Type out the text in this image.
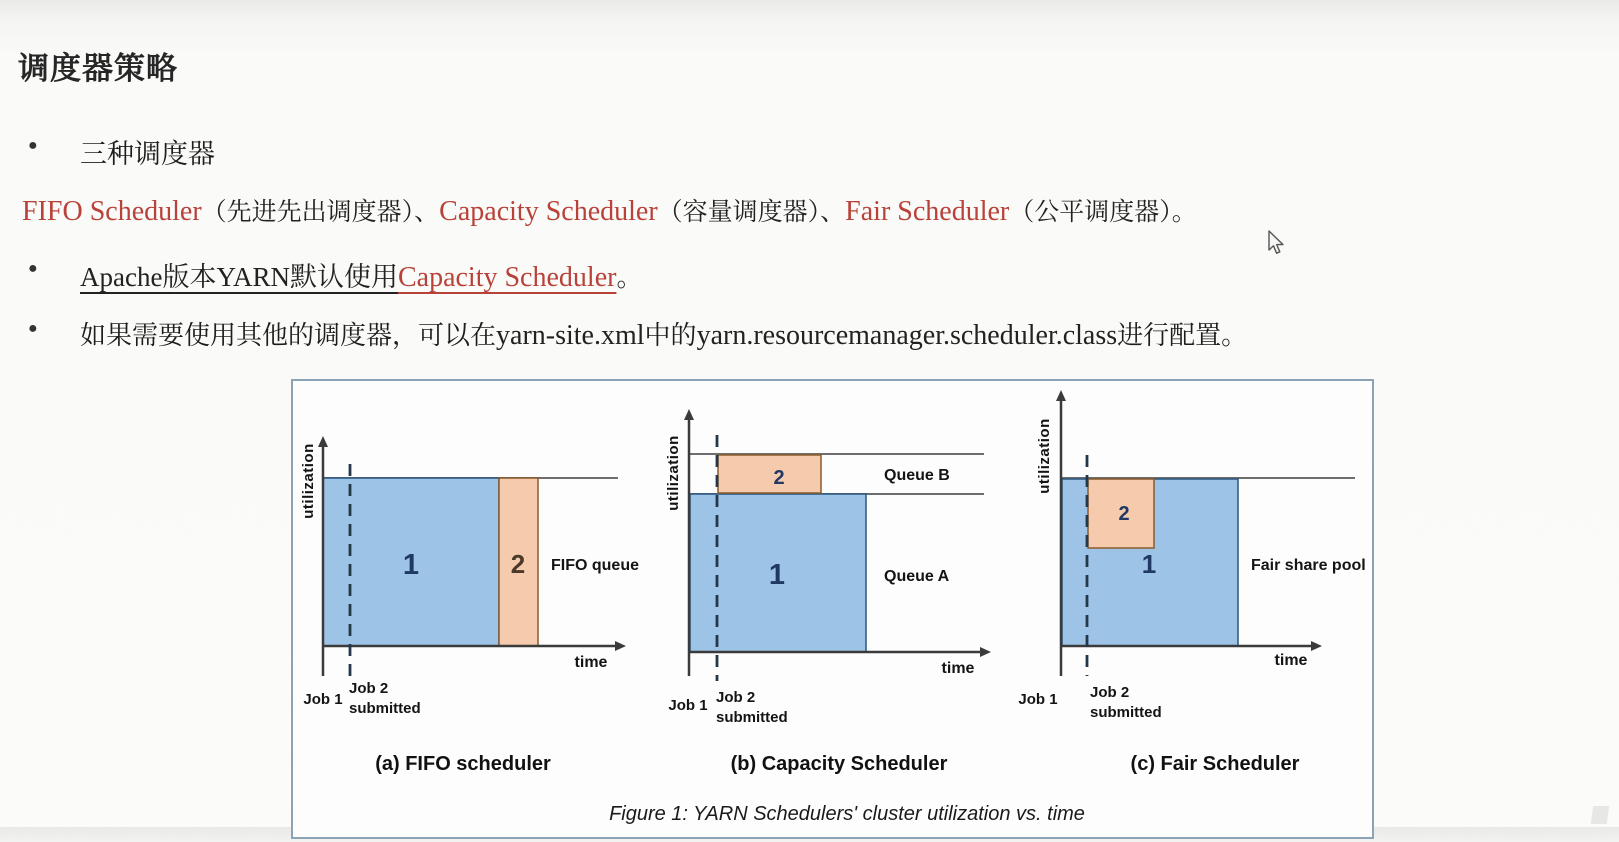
调度器策略
● 三种调度器
FIFO Scheduler（先进先出调度器）、Capacity Scheduler（容量调度器）、Fair Scheduler（公平调度器）。
● Apache版本YARN默认使用Capacity Scheduler。
● 如果需要使用其他的调度器，可以在yarn-site.xml中的yarn.resourcemanager.scheduler.class进行配置。
utilization
1	2 FIFO queue
time
Job 1
Job 2
submitted
(a) FIFO scheduler
utilization	2
1
Queue B
Queue A
time
Job 1 Job 2
submitted
(b) Capacity Scheduler
utilization
2
1	Fair share pool
time
Job 1 Job 2
submitted
(c) Fair Scheduler
Figure 1: YARN Schedulers' cluster utilization vs. time
